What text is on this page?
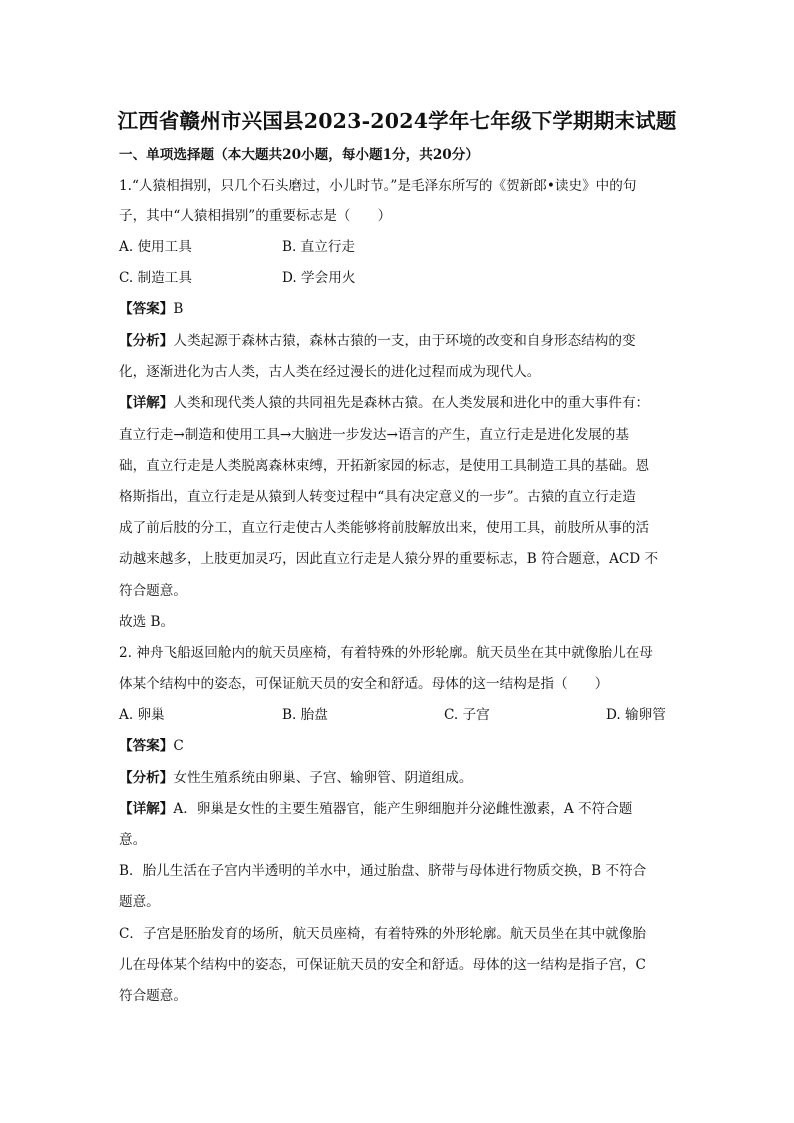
江西省赣州市兴国县2023-2024学年七年级下学期期末试题
一、单项选择题（本大题共20小题，每小题1分，共20分）
1.“人猿相揖别，只几个石头磨过，小儿时节。”是毛泽东所写的《贺新郎•读史》中的句
子，其中“人猿相揖别”的重要标志是（　　）
A. 使用工具	B. 直立行走
C. 制造工具	D. 学会用火
【答案】B
【分析】人类起源于森林古猿，森林古猿的一支，由于环境的改变和自身形态结构的变
化，逐渐进化为古人类，古人类在经过漫长的进化过程而成为现代人。
【详解】人类和现代类人猿的共同祖先是森林古猿。在人类发展和进化中的重大事件有：
直立行走→制造和使用工具→大脑进一步发达→语言的产生，直立行走是进化发展的基
础，直立行走是人类脱离森林束缚，开拓新家园的标志，是使用工具制造工具的基础。恩
格斯指出，直立行走是从猿到人转变过程中“具有决定意义的一步”。古猿的直立行走造
成了前后肢的分工，直立行走使古人类能够将前肢解放出来，使用工具，前肢所从事的活
动越来越多，上肢更加灵巧，因此直立行走是人猿分界的重要标志，B 符合题意，ACD 不
符合题意。
故选 B。
2. 神舟飞船返回舱内的航天员座椅，有着特殊的外形轮廓。航天员坐在其中就像胎儿在母
体某个结构中的姿态，可保证航天员的安全和舒适。母体的这一结构是指（　　）
A. 卵巢	B. 胎盘	C. 子宫	D. 输卵管
【答案】C
【分析】女性生殖系统由卵巢、子宫、输卵管、阴道组成。
【详解】A．卵巢是女性的主要生殖器官，能产生卵细胞并分泌雌性激素，A 不符合题
意。
B．胎儿生活在子宫内半透明的羊水中，通过胎盘、脐带与母体进行物质交换，B 不符合
题意。
C．子宫是胚胎发育的场所，航天员座椅，有着特殊的外形轮廓。航天员坐在其中就像胎
儿在母体某个结构中的姿态，可保证航天员的安全和舒适。母体的这一结构是指子宫，C
符合题意。
